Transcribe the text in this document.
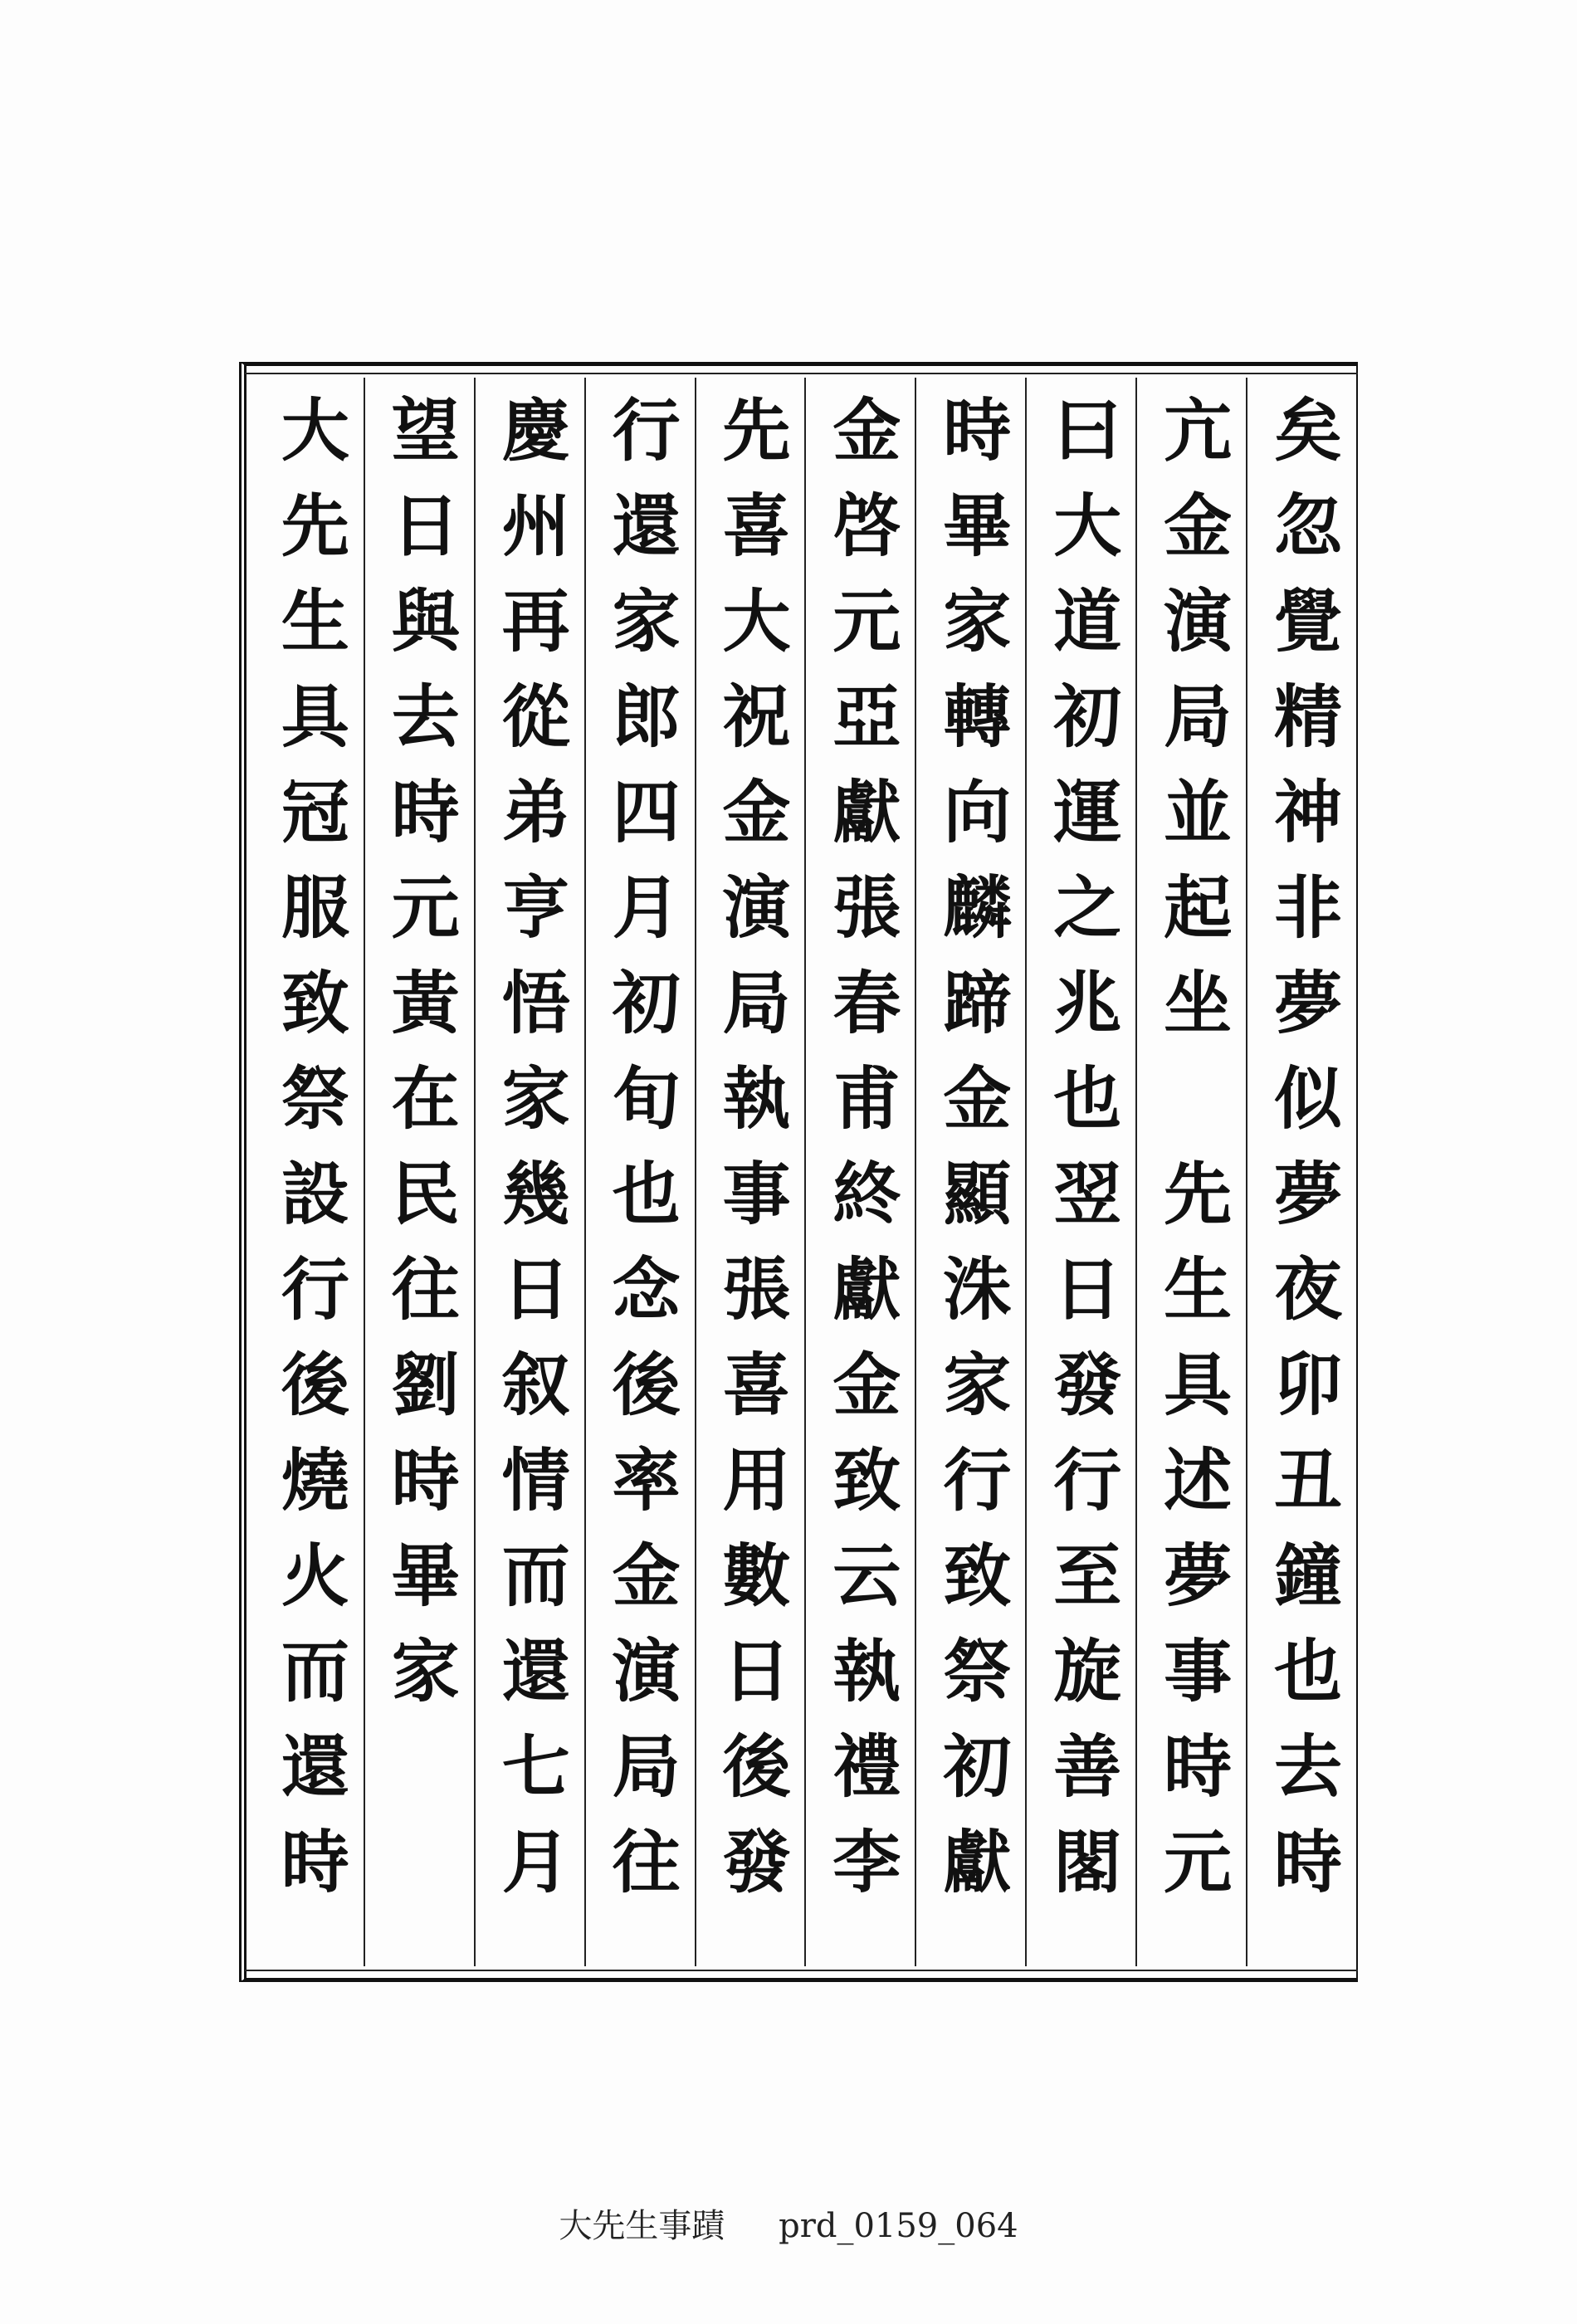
矣忽覺精神非夢似夢夜卯丑鐘也去時
亢金演局並起坐　先生具述夢事時元
曰大道初運之兆也翌日發行至旋善閣
時畢家轉向麟蹄金顯洙家行致祭初獻
金啓元亞獻張春甫終獻金致云執禮李
先喜大祝金演局執事張喜用數日後發
行還家郎四月初旬也念後率金演局往
慶州再從弟亨悟家幾日叙情而還七月
望日與去時元黃在民往劉時畢家
大先生具冠服致祭設行後燒火而還時
大先生事蹟 prd_0159_064
